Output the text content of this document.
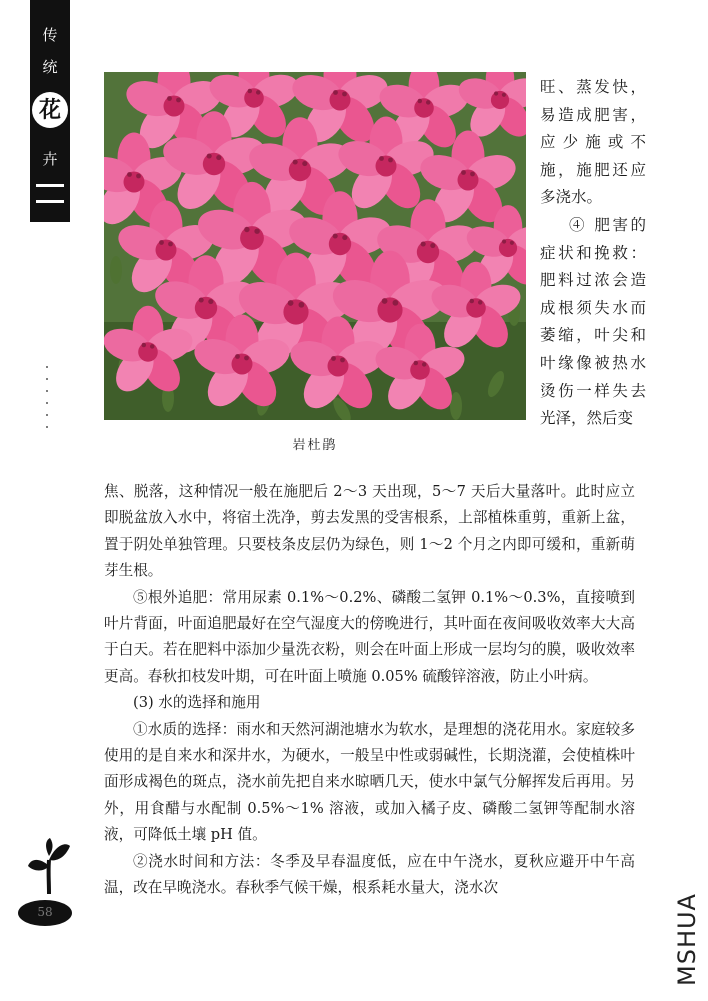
传
统
花
卉
岩杜鹃

旺、蒸发快，易造成肥害，应少施或不施，施肥还应多浇水。

④ 肥害的症状和挽救：肥料过浓会造成根须失水而萎缩，叶尖和叶缘像被热水烫伤一样失去光泽，然后变

焦、脱落，这种情况一般在施肥后 2～3 天出现，5～7 天后大量落叶。此时应立即脱盆放入水中，将宿土洗净，剪去发黑的受害根系，上部植株重剪，重新上盆，置于阴处单独管理。只要枝条皮层仍为绿色，则 1～2 个月之内即可缓和，重新萌芽生根。

⑤根外追肥：常用尿素 0.1%～0.2%、磷酸二氢钾 0.1%～0.3%，直接喷到叶片背面，叶面追肥最好在空气湿度大的傍晚进行，其叶面在夜间吸收效率大大高于白天。若在肥料中添加少量洗衣粉，则会在叶面上形成一层均匀的膜，吸收效率更高。春秋扣枝发叶期，可在叶面上喷施 0.05% 硫酸锌溶液，防止小叶病。

(3) 水的选择和施用

①水质的选择：雨水和天然河湖池塘水为软水，是理想的浇花用水。家庭较多使用的是自来水和深井水，为硬水，一般呈中性或弱碱性，长期浇灌，会使植株叶面形成褐色的斑点，浇水前先把自来水晾晒几天，使水中氯气分解挥发后再用。另外，用食醋与水配制 0.5%～1% 溶液，或加入橘子皮、磷酸二氢钾等配制水溶液，可降低土壤 pH 值。

②浇水时间和方法：冬季及早春温度低，应在中午浇水，夏秋应避开中午高温，改在早晚浇水。春秋季气候干燥，根系耗水量大，浇水次

58	MSHUA
